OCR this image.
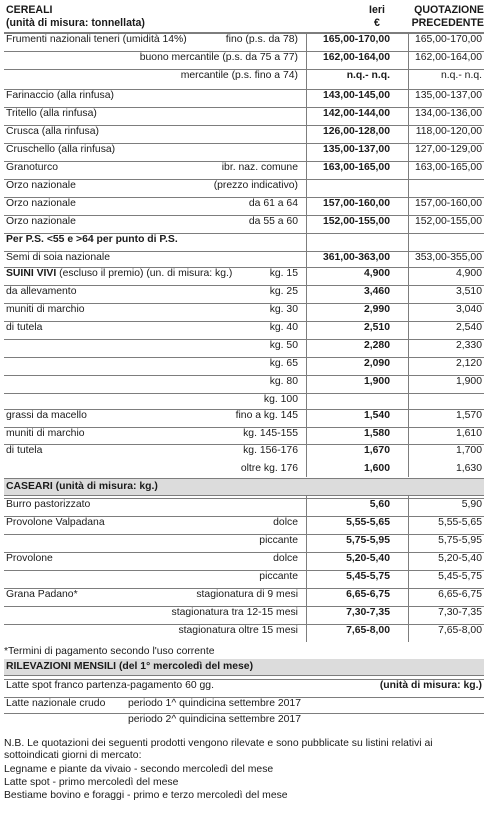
CEREALI
(unità di misura: tonnellata)
Ieri
€
QUOTAZIONE
PRECEDENTE
Frumenti nazionali teneri (umidità 14%)	fino (p.s. da 78)	165,00-170,00	165,00-170,00
buono mercantile (p.s. da 75 a 77)	162,00-164,00	162,00-164,00
mercantile (p.s. fino a 74)	n.q.- n.q.	n.q.- n.q.
Farinaccio (alla rinfusa)	143,00-145,00	135,00-137,00
Tritello (alla rinfusa)	142,00-144,00	134,00-136,00
Crusca (alla rinfusa)	126,00-128,00	118,00-120,00
Cruschello (alla rinfusa)	135,00-137,00	127,00-129,00
Granoturco	ibr. naz. comune	163,00-165,00	163,00-165,00
Orzo nazionale	(prezzo indicativo)
Orzo nazionale	da 61 a 64	157,00-160,00	157,00-160,00
Orzo nazionale	da 55 a 60	152,00-155,00	152,00-155,00
Per P.S. <55 e >64 per punto di P.S.
Semi di soia nazionale	361,00-363,00	353,00-355,00
SUINI VIVI (escluso il premio) (un. di misura: kg.)	kg. 15	4,900	4,900
da allevamento	kg. 25	3,460	3,510
muniti di marchio	kg. 30	2,990	3,040
di tutela	kg. 40	2,510	2,540
kg. 50	2,280	2,330
kg. 65	2,090	2,120
kg. 80	1,900	1,900
kg. 100
grassi da macello	fino a kg. 145	1,540	1,570
muniti di marchio	kg. 145-155	1,580	1,610
di tutela	kg. 156-176	1,670	1,700
oltre kg. 176	1,600	1,630
CASEARI (unità di misura: kg.)
Burro pastorizzato	5,60	5,90
Provolone Valpadana	dolce	5,55-5,65	5,55-5,65
piccante	5,75-5,95	5,75-5,95
Provolone	dolce	5,20-5,40	5,20-5,40
piccante	5,45-5,75	5,45-5,75
Grana Padano*	stagionatura di 9 mesi	6,65-6,75	6,65-6,75
stagionatura tra 12-15 mesi	7,30-7,35	7,30-7,35
stagionatura oltre 15 mesi	7,65-8,00	7,65-8,00
*Termini di pagamento secondo l'uso corrente
RILEVAZIONI MENSILI (del 1° mercoledì del mese)
Latte spot franco partenza-pagamento 60 gg.	(unità di misura: kg.)
Latte nazionale crudo periodo 1^ quindicina settembre 2017
periodo 2^ quindicina settembre 2017
N.B. Le quotazioni dei seguenti prodotti vengono rilevate e sono pubblicate su listini relativi ai
sottoindicati giorni di mercato:
Legname e piante da vivaio - secondo mercoledì del mese
Latte spot - primo mercoledì del mese
Bestiame bovino e foraggi - primo e terzo mercoledì del mese
